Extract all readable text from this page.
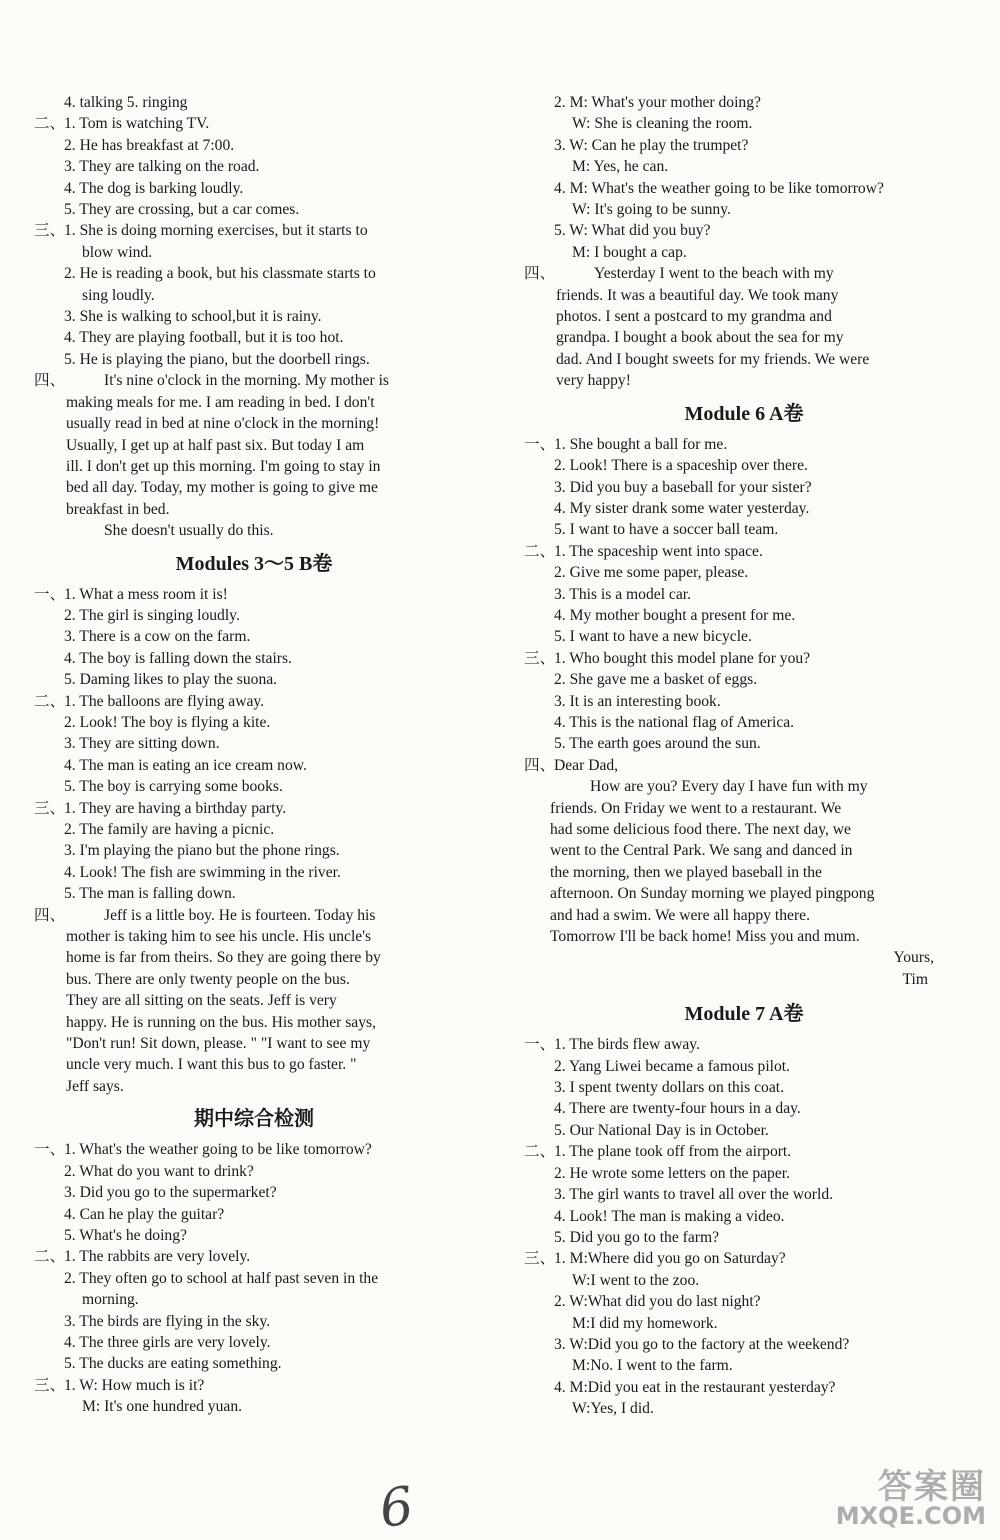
4. talking 5. ringing
二、
1. Tom is watching TV.
2. He has breakfast at 7:00.
3. They are talking on the road.
4. The dog is barking loudly.
5. They are crossing, but a car comes.
三、
1. She is doing morning exercises, but it starts to
blow wind.
2. He is reading a book, but his classmate starts to
sing loudly.
3. She is walking to school,but it is rainy.
4. They are playing football, but it is too hot.
5. He is playing the piano, but the doorbell rings.
四、 It's nine o'clock in the morning. My mother is
making meals for me. I am reading in bed. I don't
usually read in bed at nine o'clock in the morning!
Usually, I get up at half past six. But today I am
ill. I don't get up this morning. I'm going to stay in
bed all day. Today, my mother is going to give me
breakfast in bed.
She doesn't usually do this.
Modules 3～5 B卷
一、
1. What a mess room it is!
2. The girl is singing loudly.
3. There is a cow on the farm.
4. The boy is falling down the stairs.
5. Daming likes to play the suona.
二、
1. The balloons are flying away.
2. Look! The boy is flying a kite.
3. They are sitting down.
4. The man is eating an ice cream now.
5. The boy is carrying some books.
三、
1. They are having a birthday party.
2. The family are having a picnic.
3. I'm playing the piano but the phone rings.
4. Look! The fish are swimming in the river.
5. The man is falling down.
四、 Jeff is a little boy. He is fourteen. Today his
mother is taking him to see his uncle. His uncle's
home is far from theirs. So they are going there by
bus. There are only twenty people on the bus.
They are all sitting on the seats. Jeff is very
happy. He is running on the bus. His mother says,
"Don't run! Sit down, please. " "I want to see my
uncle very much. I want this bus to go faster. "
Jeff says.
期中综合检测
一、
1. What's the weather going to be like tomorrow?
2. What do you want to drink?
3. Did you go to the supermarket?
4. Can he play the guitar?
5. What's he doing?
二、
1. The rabbits are very lovely.
2. They often go to school at half past seven in the
morning.
3. The birds are flying in the sky.
4. The three girls are very lovely.
5. The ducks are eating something.
三、
1. W: How much is it?
M: It's one hundred yuan.
2. M: What's your mother doing?
W: She is cleaning the room.
3. W: Can he play the trumpet?
M: Yes, he can.
4. M: What's the weather going to be like tomorrow?
W: It's going to be sunny.
5. W: What did you buy?
M: I bought a cap.
四、 Yesterday I went to the beach with my
friends. It was a beautiful day. We took many
photos. I sent a postcard to my grandma and
grandpa. I bought a book about the sea for my
dad. And I bought sweets for my friends. We were
very happy!
Module 6 A卷
一、
1. She bought a ball for me.
2. Look! There is a spaceship over there.
3. Did you buy a baseball for your sister?
4. My sister drank some water yesterday.
5. I want to have a soccer ball team.
二、
1. The spaceship went into space.
2. Give me some paper, please.
3. This is a model car.
4. My mother bought a present for me.
5. I want to have a new bicycle.
三、
1. Who bought this model plane for you?
2. She gave me a basket of eggs.
3. It is an interesting book.
4. This is the national flag of America.
5. The earth goes around the sun.
四、
Dear Dad,
How are you? Every day I have fun with my
friends. On Friday we went to a restaurant. We
had some delicious food there. The next day, we
went to the Central Park. We sang and danced in
the morning, then we played baseball in the
afternoon. On Sunday morning we played pingpong
and had a swim. We were all happy there.
Tomorrow I'll be back home! Miss you and mum.
Yours,
Tim
Module 7 A卷
一、
1. The birds flew away.
2. Yang Liwei became a famous pilot.
3. I spent twenty dollars on this coat.
4. There are twenty-four hours in a day.
5. Our National Day is in October.
二、
1. The plane took off from the airport.
2. He wrote some letters on the paper.
3. The girl wants to travel all over the world.
4. Look! The man is making a video.
5. Did you go to the farm?
三、
1. M:Where did you go on Saturday?
W:I went to the zoo.
2. W:What did you do last night?
M:I did my homework.
3. W:Did you go to the factory at the weekend?
M:No. I went to the farm.
4. M:Did you eat in the restaurant yesterday?
W:Yes, I did.
6	答案圈
MXQE.COM
